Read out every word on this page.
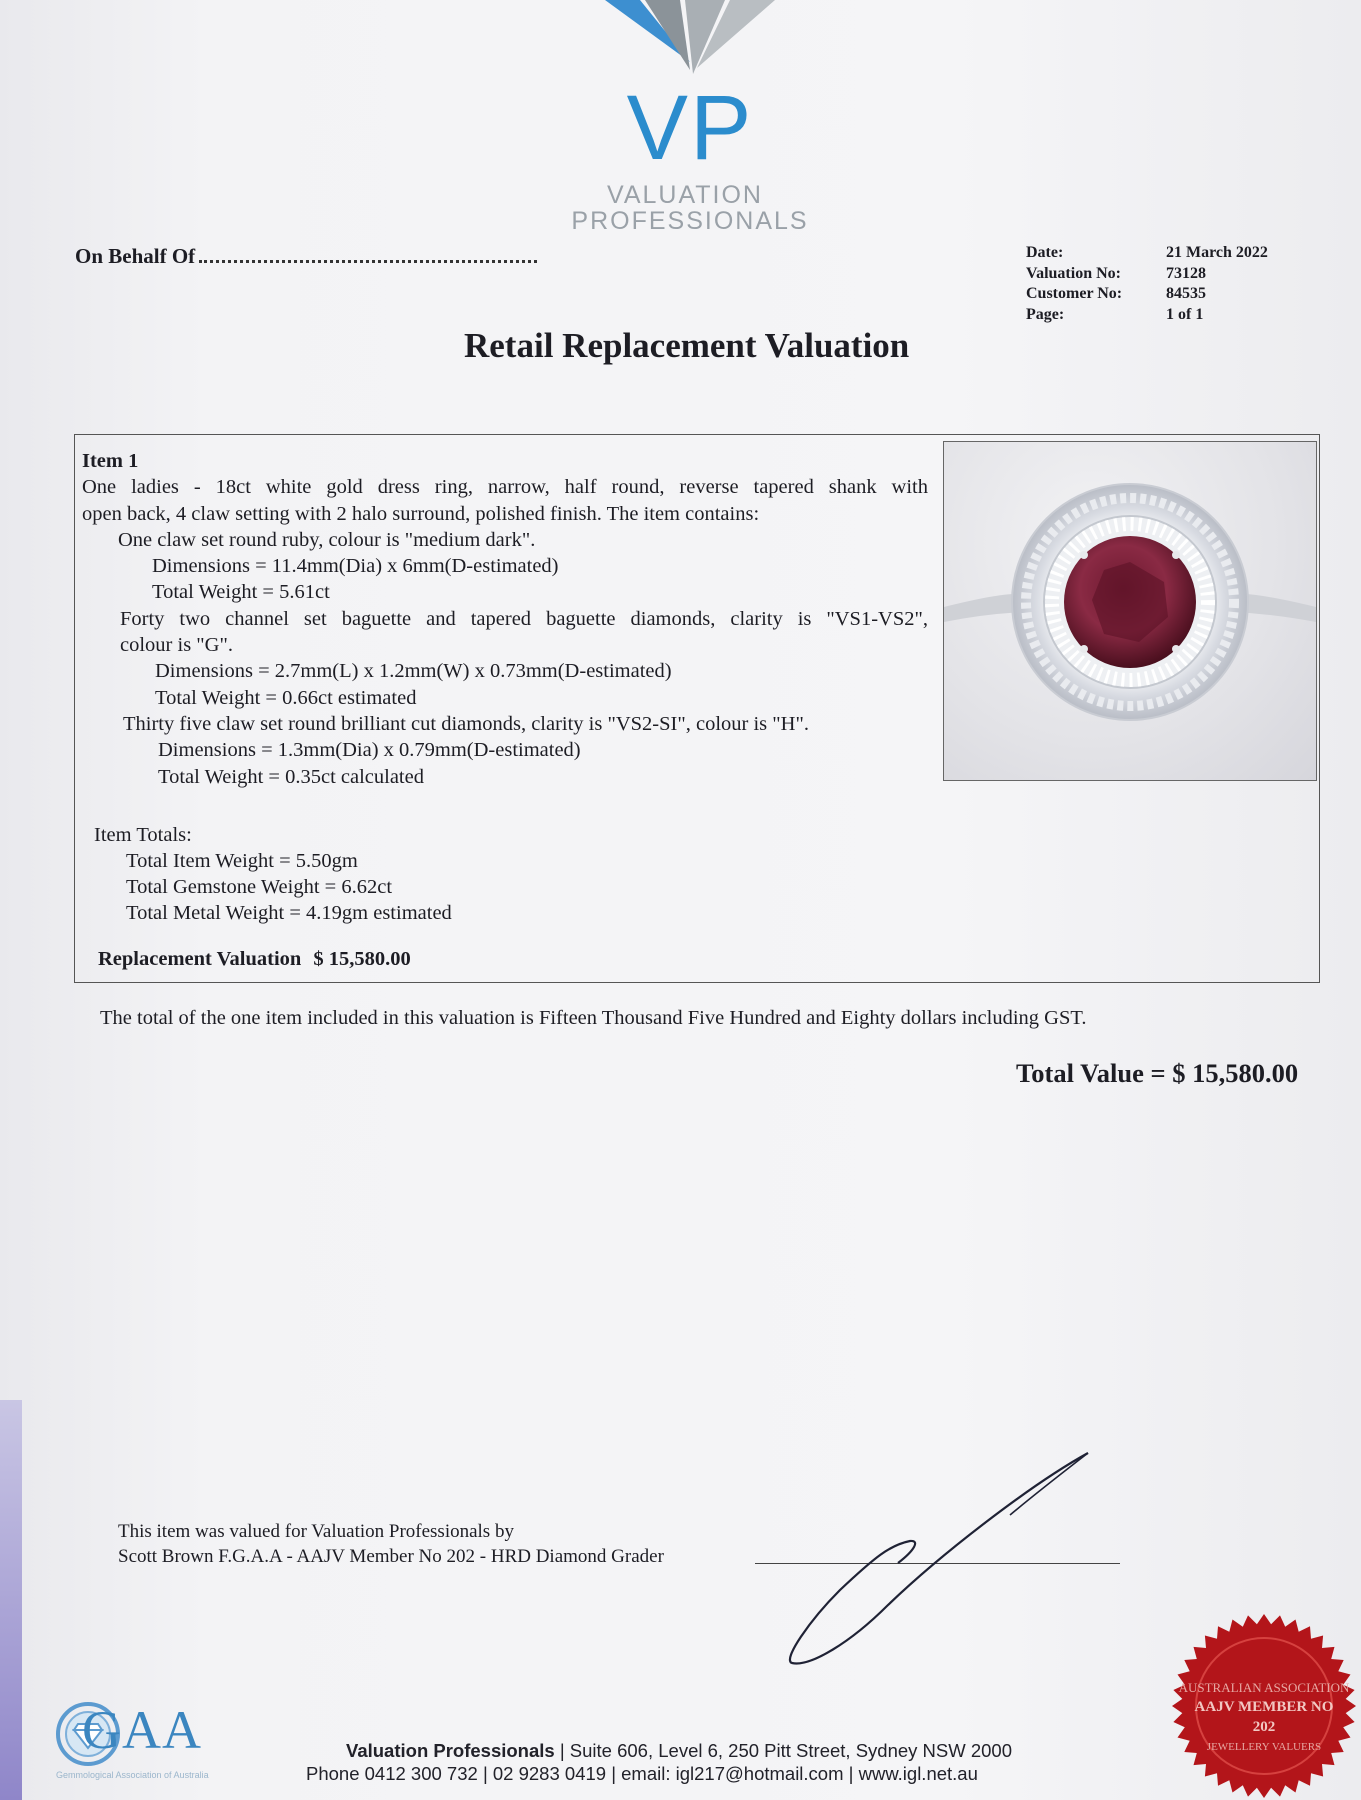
VP
VALUATION
PROFESSIONALS
On Behalf Of	Date:	21 March 2022
Valuation No:	73128
Customer No:	84535
Page:	1 of 1
Retail Replacement Valuation
Item 1
One ladies - 18ct white gold dress ring, narrow, half round, reverse tapered shank with
open back, 4 claw setting with 2 halo surround, polished finish. The item contains:
One claw set round ruby, colour is "medium dark".
Dimensions = 11.4mm(Dia) x 6mm(D-estimated)
Total Weight = 5.61ct
Forty two channel set baguette and tapered baguette diamonds, clarity is "VS1-VS2",
colour is "G".
Dimensions = 2.7mm(L) x 1.2mm(W) x 0.73mm(D-estimated)
Total Weight = 0.66ct estimated
Thirty five claw set round brilliant cut diamonds, clarity is "VS2-SI", colour is "H".
Dimensions = 1.3mm(Dia) x 0.79mm(D-estimated)
Total Weight = 0.35ct calculated
Item Totals:
Total Item Weight = 5.50gm
Total Gemstone Weight = 6.62ct
Total Metal Weight = 4.19gm estimated
Replacement Valuation $ 15,580.00
The total of the one item included in this valuation is Fifteen Thousand Five Hundred and Eighty dollars including GST.
Total Value = $ 15,580.00
This item was valued for Valuation Professionals by
Scott Brown F.G.A.A - AAJV Member No 202 - HRD Diamond Grader
GAA
Gemmological Association of Australia
Valuation Professionals | Suite 606, Level 6, 250 Pitt Street, Sydney NSW 2000
Phone 0412 300 732 | 02 9283 0419 | email: igl217@hotmail.com | www.igl.net.au
AUSTRALIAN ASSOCIATION
AAJV MEMBER NO
202
JEWELLERY VALUERS
